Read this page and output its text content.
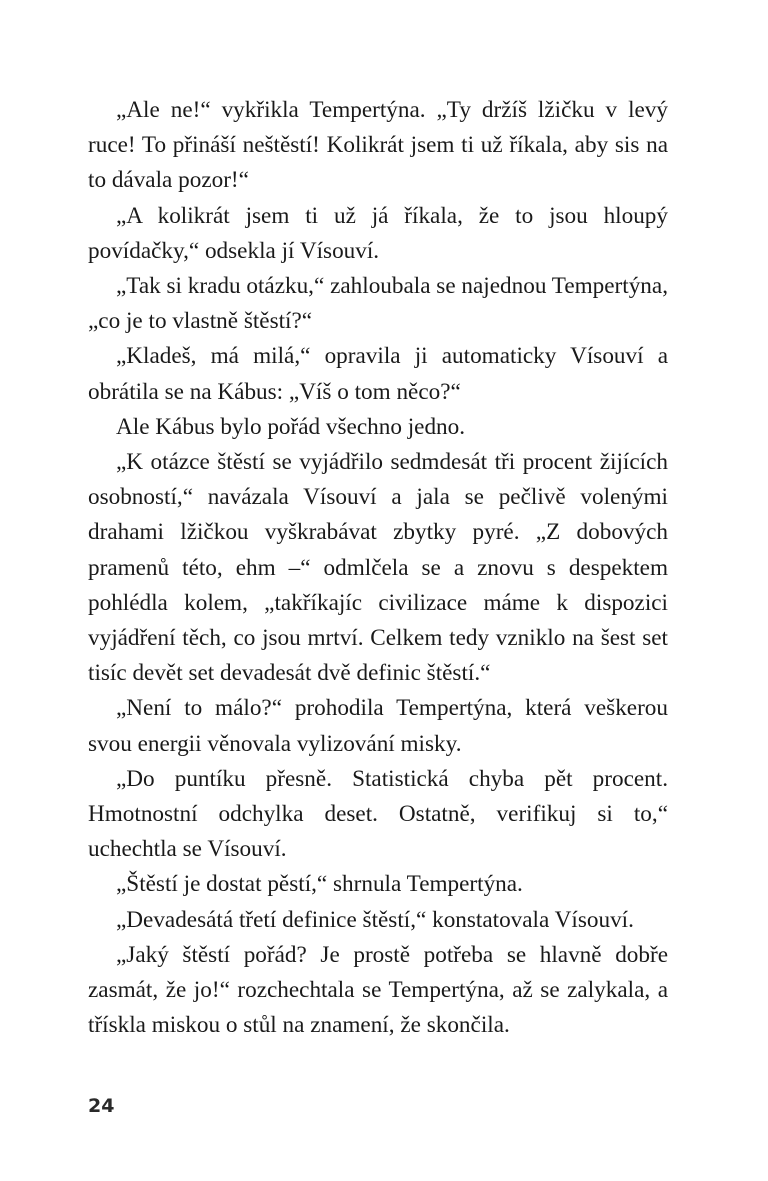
„Ale ne!“ vykřikla Tempertýna. „Ty držíš lžičku v levý ruce! To přináší neštěstí! Kolikrát jsem ti už říkala, aby sis na to dávala pozor!“

„A kolikrát jsem ti už já říkala, že to jsou hloupý povídačky,“ odsekla jí Vísouví.

„Tak si kradu otázku,“ zahloubala se najednou Tempertýna, „co je to vlastně štěstí?“

„Kladeš, má milá,“ opravila ji automaticky Vísouví a obrátila se na Kábus: „Víš o tom něco?“

Ale Kábus bylo pořád všechno jedno.

„K otázce štěstí se vyjádřilo sedmdesát tři procent žijících osobností,“ navázala Vísouví a jala se pečlivě volenými drahami lžičkou vyškrabávat zbytky pyré. „Z dobových pramenů této, ehm –“ odmlčela se a znovu s despektem pohlédla kolem, „takříkajíc civilizace máme k dispozici vyjádření těch, co jsou mrtví. Celkem tedy vzniklo na šest set tisíc devět set devadesát dvě definic štěstí.“

„Není to málo?“ prohodila Tempertýna, která veškerou svou energii věnovala vylizování misky.

„Do puntíku přesně. Statistická chyba pět procent. Hmotnostní odchylka deset. Ostatně, verifikuj si to,“ uchechtla se Vísouví.

„Štěstí je dostat pěstí,“ shrnula Tempertýna.

„Devadesátá třetí definice štěstí,“ konstatovala Vísouví.

„Jaký štěstí pořád? Je prostě potřeba se hlavně dobře zasmát, že jo!“ rozchechtala se Tempertýna, až se zalykala, a třískla miskou o stůl na znamení, že skončila.

24
